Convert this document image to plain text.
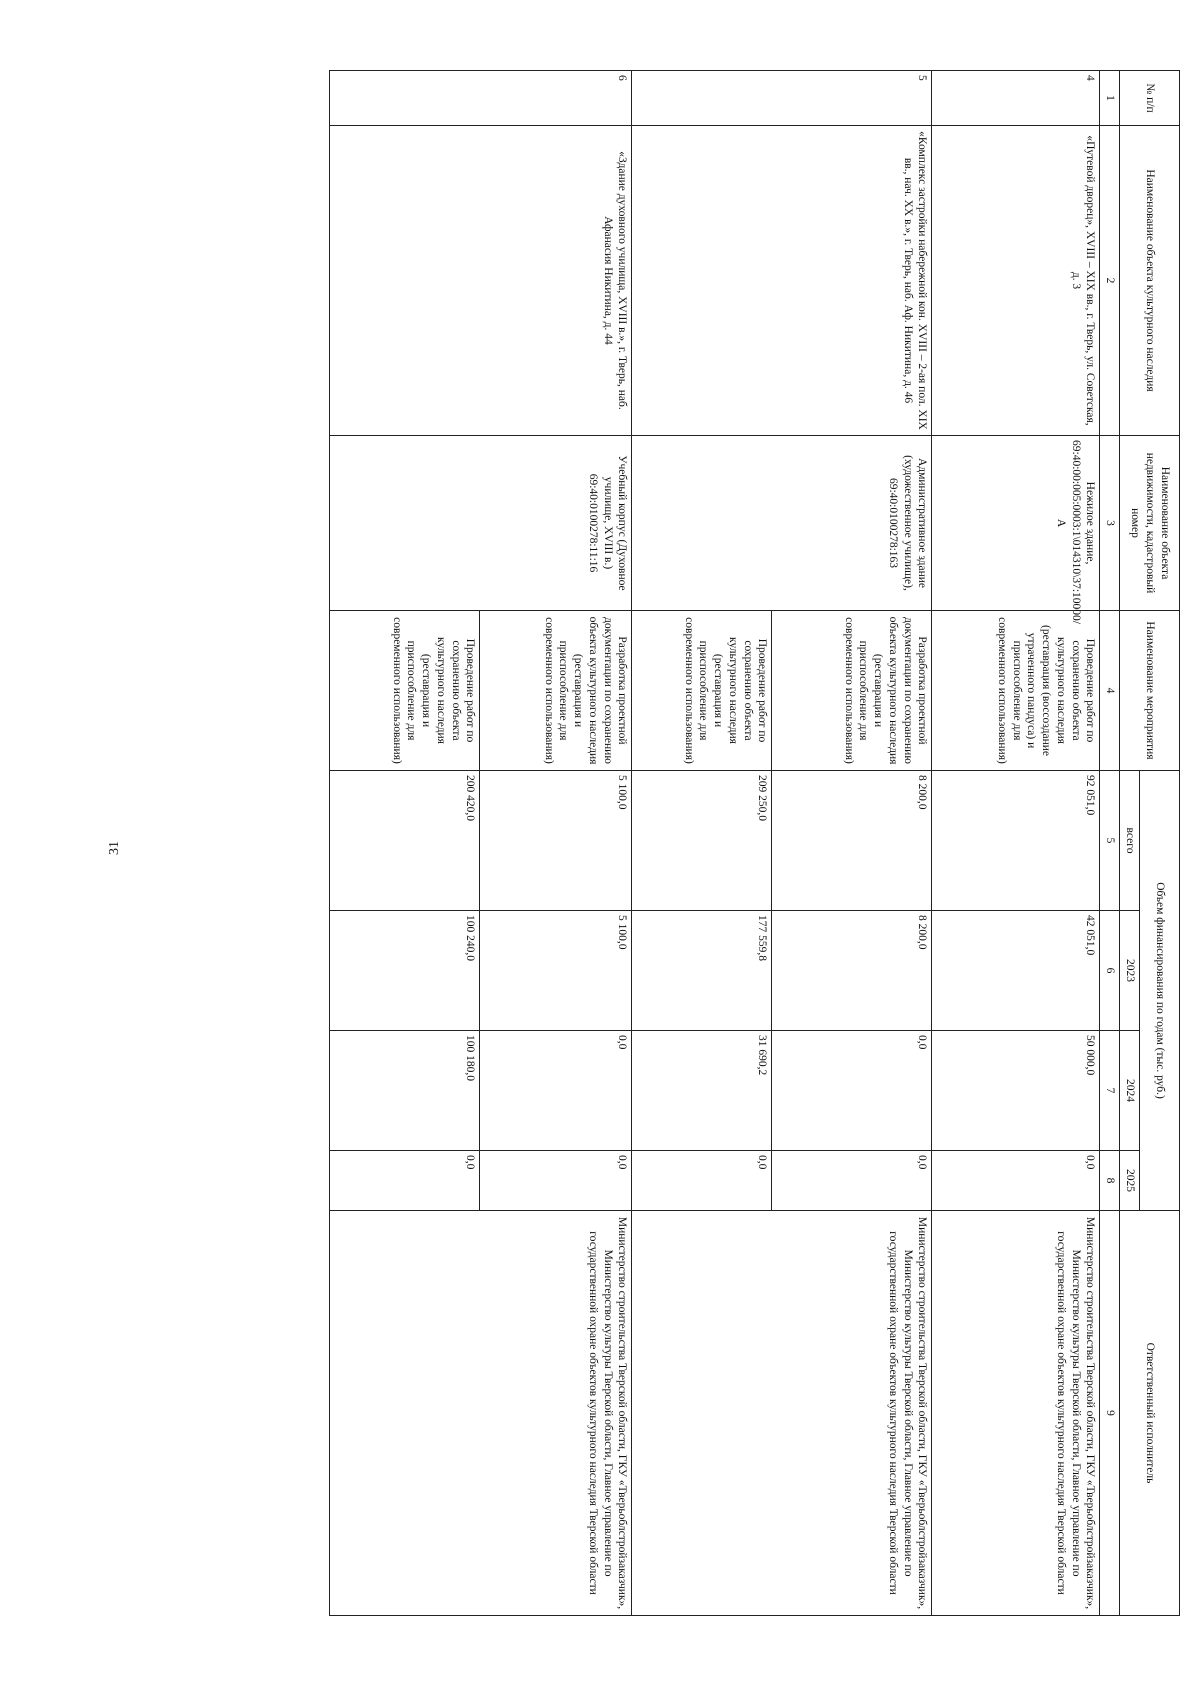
31
№ п/п	Наименование объекта культурного наследия	Наименование объекта недвижимости, кадастровый номер	Наименование мероприятия	Объем финансирования по годам (тыс. руб.)				Ответственный исполнитель
				всего	2023	2024	2025	
1	2	3	4	5	6	7	8	9
4	«Путевой дворец», XVIII – XIX вв., г. Тверь, ул. Советская, д. 3	Нежилое здание, 69:40:00:005:0003:1\014310\37:10000/А	Проведение работ по сохранению объекта культурного наследия (реставрация (воссоздание утраченного пандуса) и приспособление для современного использования)	92 051,0	42 051,0	50 000,0	0,0	Министерство строительства Тверской области, ГКУ «Тверьоблстройзаказчик», Министерство культуры Тверской области, Главное управление по государственной охране объектов культурного наследия Тверской области
5	«Комплекс застройки набережной кон. XVIII – 2-ая пол. XIX вв., нач. XX в.», г. Тверь, наб. Аф. Никитина, д. 46	Административное здание (художественное училище), 69:40:0100278:163	Разработка проектной документации по сохранению объекта культурного наследия (реставрация и приспособление для современного использования)	8 200,0	8 200,0	0,0	0,0	Министерство строительства Тверской области, ГКУ «Тверьоблстройзаказчик», Министерство культуры Тверской области, Главное управление по государственной охране объектов культурного наследия Тверской области
			Проведение работ по сохранению объекта культурного наследия (реставрация и приспособление для современного использования)	209 250,0	177 559,8	31 690,2	0,0	
6	«Здание духовного училища, XVIII в.», г. Тверь, наб. Афанасия Никитина, д. 44	Учебный корпус (Духовное училище, XVIII в.) 69:40:0100278:11:16	Разработка проектной документации по сохранению объекта культурного наследия (реставрация и приспособление для современного использования)	5 100,0	5 100,0	0,0	0,0	Министерство строительства Тверской области, ГКУ «Тверьоблстройзаказчик», Министерство культуры Тверской области, Главное управление по государственной охране объектов культурного наследия Тверской области
			Проведение работ по сохранению объекта культурного наследия (реставрация и приспособление для современного использования)	200 420,0	100 240,0	100 180,0	0,0	
